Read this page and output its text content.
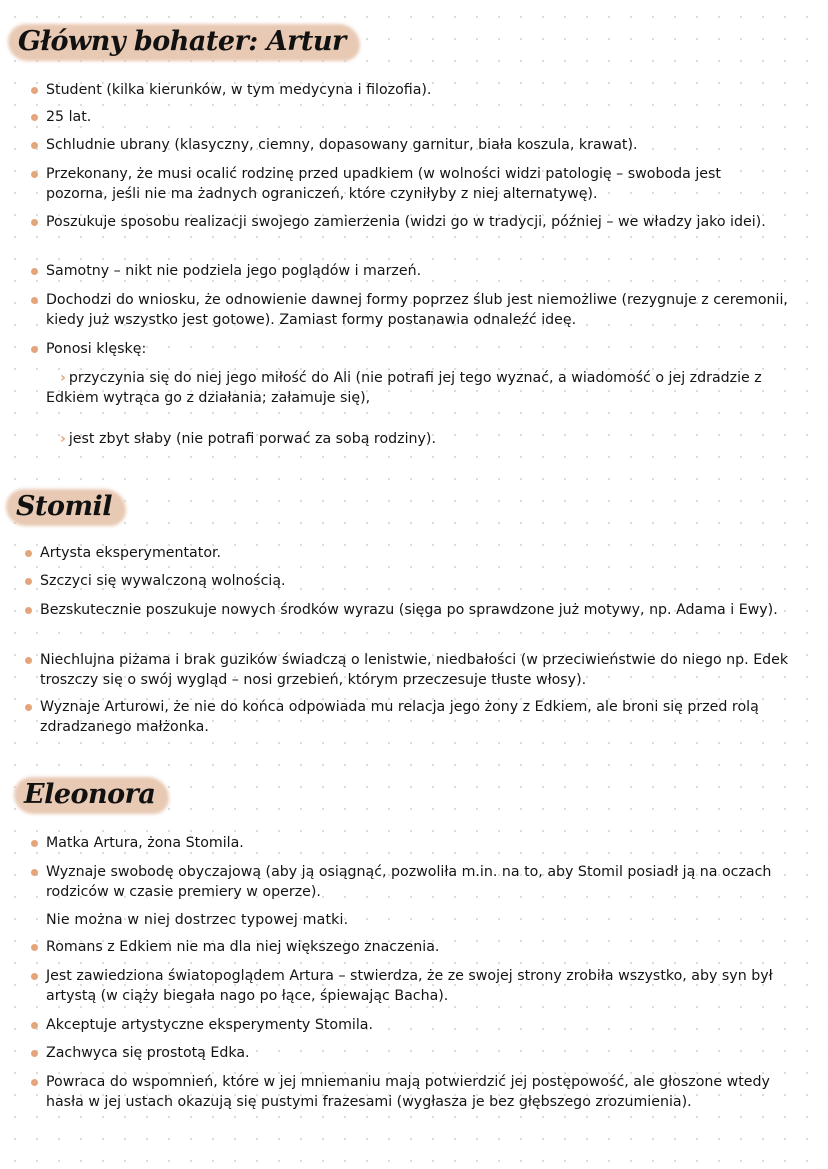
Główny bohater: Artur
Student (kilka kierunków, w tym medycyna i filozofia).
25 lat.
Schludnie ubrany (klasyczny, ciemny, dopasowany garnitur, biała koszula, krawat).
Przekonany, że musi ocalić rodzinę przed upadkiem (w wolności widzi patologię – swoboda jest pozorna, jeśli nie ma żadnych ograniczeń, które czyniłyby z niej alternatywę).
Poszukuje sposobu realizacji swojego zamierzenia (widzi go w tradycji, później – we władzy jako idei).
Samotny – nikt nie podziela jego poglądów i marzeń.
Dochodzi do wniosku, że odnowienie dawnej formy poprzez ślub jest niemożliwe (rezygnuje z ceremonii, kiedy już wszystko jest gotowe). Zamiast formy postanawia odnaleźć ideę.
Ponosi klęskę:
› przyczynia się do niej jego miłość do Ali (nie potrafi jej tego wyznać, a wiadomość o jej zdradzie z Edkiem wytrąca go z działania; załamuje się),
› jest zbyt słaby (nie potrafi porwać za sobą rodziny).
Stomil
Artysta eksperymentator.
Szczyci się wywalczoną wolnością.
Bezskutecznie poszukuje nowych środków wyrazu (sięga po sprawdzone już motywy, np. Adama i Ewy).
Niechlujna piżama i brak guzików świadczą o lenistwie, niedbałości (w przeciwieństwie do niego np. Edek troszczy się o swój wygląd – nosi grzebień, którym przeczesuje tłuste włosy).
Wyznaje Arturowi, że nie do końca odpowiada mu relacja jego żony z Edkiem, ale broni się przed rolą zdradzanego małżonka.
Eleonora
Matka Artura, żona Stomila.
Wyznaje swobodę obyczajową (aby ją osiągnąć, pozwoliła m.in. na to, aby Stomil posiadł ją na oczach rodziców w czasie premiery w operze).
Nie można w niej dostrzec typowej matki.
Romans z Edkiem nie ma dla niej większego znaczenia.
Jest zawiedziona światopoglądem Artura – stwierdza, że ze swojej strony zrobiła wszystko, aby syn był artystą (w ciąży biegała nago po łące, śpiewając Bacha).
Akceptuje artystyczne eksperymenty Stomila.
Zachwyca się prostotą Edka.
Powraca do wspomnień, które w jej mniemaniu mają potwierdzić jej postępowość, ale głoszone wtedy hasła w jej ustach okazują się pustymi frazesami (wygłasza je bez głębszego zrozumienia).
